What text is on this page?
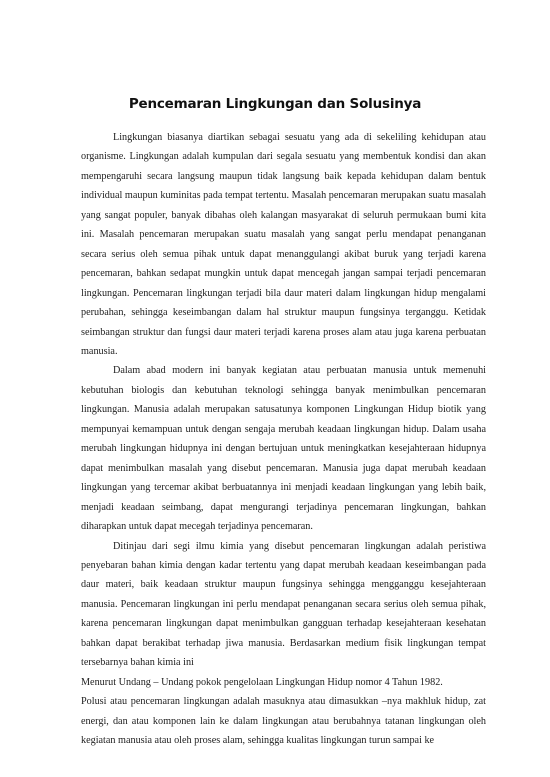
Pencemaran Lingkungan dan Solusinya

Lingkungan biasanya diartikan sebagai sesuatu yang ada di sekeliling kehidupan atau organisme. Lingkungan adalah kumpulan dari segala sesuatu yang membentuk kondisi dan akan mempengaruhi secara langsung maupun tidak langsung baik kepada kehidupan dalam bentuk individual maupun kuminitas pada tempat tertentu. Masalah pencemaran merupakan suatu masalah yang sangat populer, banyak dibahas oleh kalangan masyarakat di seluruh permukaan bumi kita ini. Masalah pencemaran merupakan suatu masalah yang sangat perlu mendapat penanganan secara serius oleh semua pihak untuk dapat menanggulangi akibat buruk yang terjadi karena pencemaran, bahkan sedapat mungkin untuk dapat mencegah jangan sampai terjadi pencemaran lingkungan. Pencemaran lingkungan terjadi bila daur materi dalam lingkungan hidup mengalami perubahan, sehingga keseimbangan dalam hal struktur maupun fungsinya terganggu. Ketidak seimbangan struktur dan fungsi daur materi terjadi karena proses alam atau juga karena perbuatan manusia.

Dalam abad modern ini banyak kegiatan atau perbuatan manusia untuk memenuhi kebutuhan biologis dan kebutuhan teknologi sehingga banyak menimbulkan pencemaran lingkungan. Manusia adalah merupakan satusatunya komponen Lingkungan Hidup biotik yang mempunyai kemampuan untuk dengan sengaja merubah keadaan lingkungan hidup. Dalam usaha merubah lingkungan hidupnya ini dengan bertujuan untuk meningkatkan kesejahteraan hidupnya dapat menimbulkan masalah yang disebut pencemaran. Manusia juga dapat merubah keadaan lingkungan yang tercemar akibat berbuatannya ini menjadi keadaan lingkungan yang lebih baik, menjadi keadaan seimbang, dapat mengurangi terjadinya pencemaran lingkungan, bahkan diharapkan untuk dapat mecegah terjadinya pencemaran.

Ditinjau dari segi ilmu kimia yang disebut pencemaran lingkungan adalah peristiwa penyebaran bahan kimia dengan kadar tertentu yang dapat merubah keadaan keseimbangan pada daur materi, baik keadaan struktur maupun fungsinya sehingga mengganggu kesejahteraan manusia. Pencemaran lingkungan ini perlu mendapat penanganan secara serius oleh semua pihak, karena pencemaran lingkungan dapat menimbulkan gangguan terhadap kesejahteraan kesehatan bahkan dapat berakibat terhadap jiwa manusia. Berdasarkan medium fisik lingkungan tempat tersebarnya bahan kimia ini

Menurut Undang – Undang pokok pengelolaan Lingkungan Hidup nomor 4 Tahun 1982.

Polusi atau pencemaran lingkungan adalah masuknya atau dimasukkan –nya makhluk hidup, zat energi, dan atau komponen lain ke dalam lingkungan atau berubahnya tatanan lingkungan oleh kegiatan manusia atau oleh proses alam, sehingga kualitas lingkungan turun sampai ke
